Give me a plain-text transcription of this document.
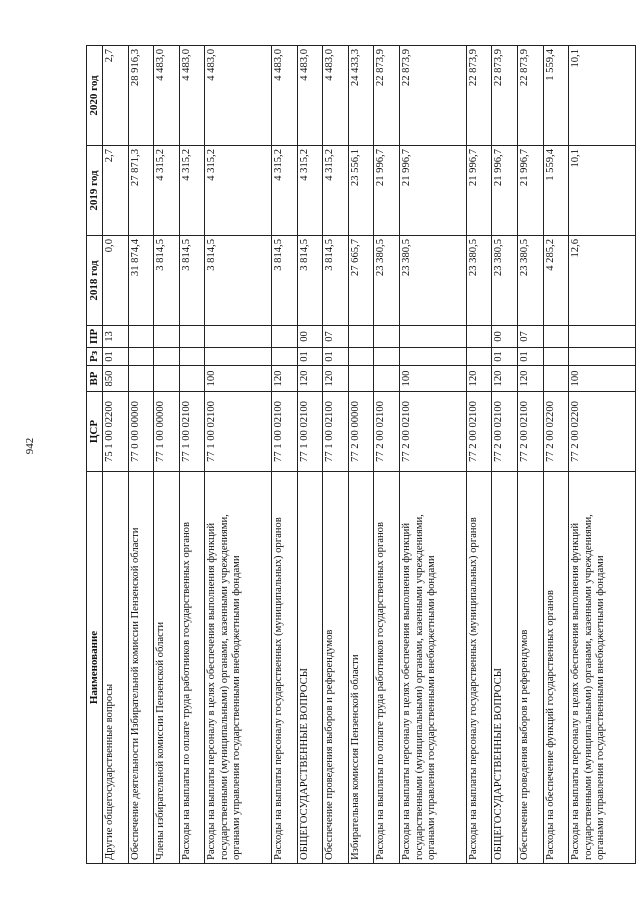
942
Наименование	ЦСР	ВР	Рз	ПР	2018 год	2019 год	2020 год
Другие общегосударственные вопросы	75 1 00 02200	850	01	13	0,0	2,7	2,7
Обеспечение деятельности Избирательной комиссии Пензенской области	77 0 00 00000				31 874,4	27 871,3	28 916,3
Члены избирательной комиссии Пензенской области	77 1 00 00000				3 814,5	4 315,2	4 483,0
Расходы на выплаты по оплате труда работников государственных органов	77 1 00 02100				3 814,5	4 315,2	4 483,0
Расходы на выплаты персоналу в целях обеспечения выполнения функций государственными (муниципальными) органами, казенными учреждениями, органами управления государственными внебюджетными фондами	77 1 00 02100	100			3 814,5	4 315,2	4 483,0
Расходы на выплаты персоналу государственных (муниципальных) органов	77 1 00 02100	120			3 814,5	4 315,2	4 483,0
ОБЩЕГОСУДАРСТВЕННЫЕ ВОПРОСЫ	77 1 00 02100	120	01	00	3 814,5	4 315,2	4 483,0
Обеспечение проведения выборов и референдумов	77 1 00 02100	120	01	07	3 814,5	4 315,2	4 483,0
Избирательная комиссия Пензенской области	77 2 00 00000				27 665,7	23 556,1	24 433,3
Расходы на выплаты по оплате труда работников государственных органов	77 2 00 02100				23 380,5	21 996,7	22 873,9
Расходы на выплаты персоналу в целях обеспечения выполнения функций государственными (муниципальными) органами, казенными учреждениями, органами управления государственными внебюджетными фондами	77 2 00 02100	100			23 380,5	21 996,7	22 873,9
Расходы на выплаты персоналу государственных (муниципальных) органов	77 2 00 02100	120			23 380,5	21 996,7	22 873,9
ОБЩЕГОСУДАРСТВЕННЫЕ ВОПРОСЫ	77 2 00 02100	120	01	00	23 380,5	21 996,7	22 873,9
Обеспечение проведения выборов и референдумов	77 2 00 02100	120	01	07	23 380,5	21 996,7	22 873,9
Расходы на обеспечение функций государственных органов	77 2 00 02200				4 285,2	1 559,4	1 559,4
Расходы на выплаты персоналу в целях обеспечения выполнения функций государственными (муниципальными) органами, казенными учреждениями, органами управления государственными внебюджетными фондами	77 2 00 02200	100			12,6	10,1	10,1
